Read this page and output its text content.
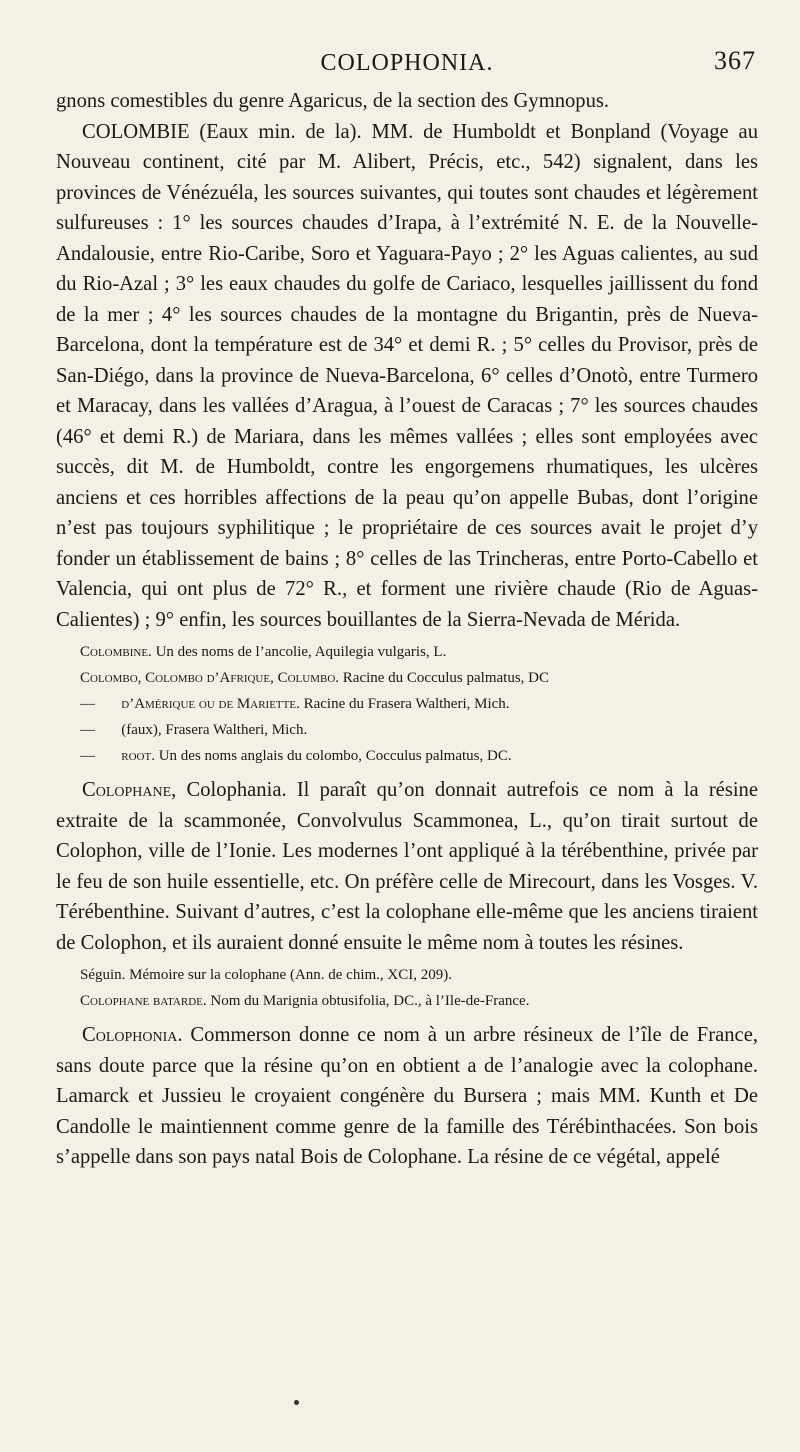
COLOPHONIA.	367

gnons comestibles du genre Agaricus, de la section des Gymnopus.

COLOMBIE (Eaux min. de la). MM. de Humboldt et Bonpland (Voyage au Nouveau continent, cité par M. Alibert, Précis, etc., 542) signalent, dans les provinces de Vénézuéla, les sources suivantes, qui toutes sont chaudes et légèrement sulfureuses : 1° les sources chaudes d’Irapa, à l’extrémité N. E. de la Nouvelle-Andalousie, entre Rio-Caribe, Soro et Yaguara-Payo ; 2° les Aguas calientes, au sud du Rio-Azal ; 3° les eaux chaudes du golfe de Cariaco, lesquelles jaillissent du fond de la mer ; 4° les sources chaudes de la montagne du Brigantin, près de Nueva-Barcelona, dont la température est de 34° et demi R. ; 5° celles du Provisor, près de San-Diégo, dans la province de Nueva-Barcelona, 6° celles d’Onotò, entre Turmero et Maracay, dans les vallées d’Aragua, à l’ouest de Caracas ; 7° les sources chaudes (46° et demi R.) de Mariara, dans les mêmes vallées ; elles sont employées avec succès, dit M. de Humboldt, contre les engorgemens rhumatiques, les ulcères anciens et ces horribles affections de la peau qu’on appelle Bubas, dont l’origine n’est pas toujours syphilitique ; le propriétaire de ces sources avait le projet d’y fonder un établissement de bains ; 8° celles de las Trincheras, entre Porto-Cabello et Valencia, qui ont plus de 72° R., et forment une rivière chaude (Rio de Aguas-Calientes) ; 9° enfin, les sources bouillantes de la Sierra-Nevada de Mérida.

Colombine. Un des noms de l’ancolie, Aquilegia vulgaris, L.

Colombo, Colombo d’Afrique, Columbo. Racine du Cocculus palmatus, DC

— d’Amérique ou de Mariette. Racine du Frasera Waltheri, Mich.

— (faux), Frasera Waltheri, Mich.

— root. Un des noms anglais du colombo, Cocculus palmatus, DC.

Colophane, Colophania. Il paraît qu’on donnait autrefois ce nom à la résine extraite de la scammonée, Convolvulus Scammonea, L., qu’on tirait surtout de Colophon, ville de l’Ionie. Les modernes l’ont appliqué à la térébenthine, privée par le feu de son huile essentielle, etc. On préfère celle de Mirecourt, dans les Vosges. V. Térébenthine. Suivant d’autres, c’est la colophane elle-même que les anciens tiraient de Colophon, et ils auraient donné ensuite le même nom à toutes les résines.

Séguin. Mémoire sur la colophane (Ann. de chim., XCI, 209).

Colophane batarde. Nom du Marignia obtusifolia, DC., à l’Ile-de-France.

Colophonia. Commerson donne ce nom à un arbre résineux de l’île de France, sans doute parce que la résine qu’on en obtient a de l’analogie avec la colophane. Lamarck et Jussieu le croyaient congénère du Bursera ; mais MM. Kunth et De Candolle le maintiennent comme genre de la famille des Térébinthacées. Son bois s’appelle dans son pays natal Bois de Colophane. La résine de ce végétal, appelé
